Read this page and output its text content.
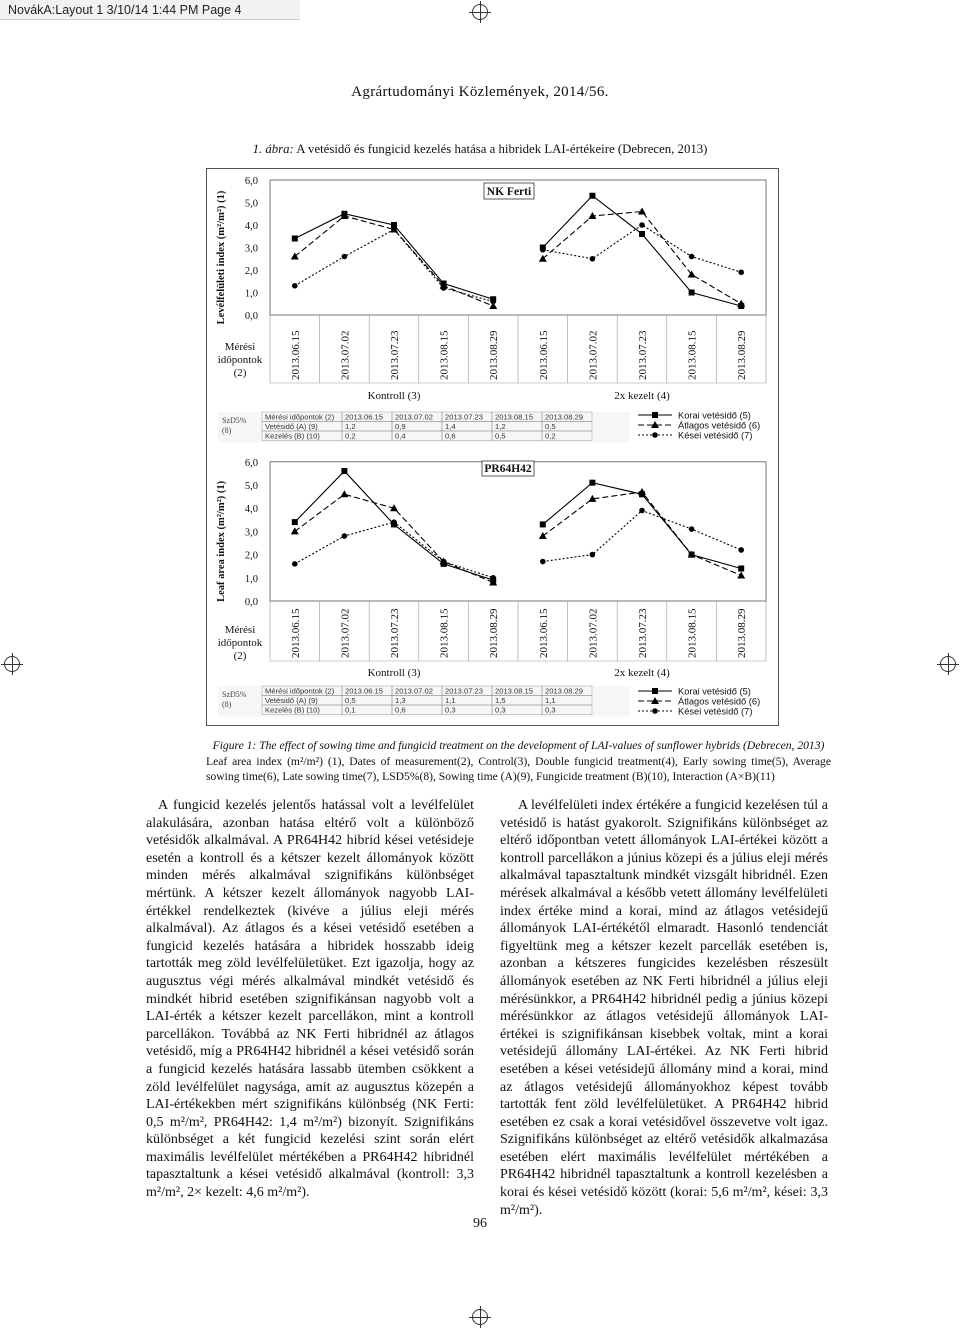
NovákA:Layout 1 3/10/14 1:44 PM Page 4
Agrártudományi Közlemények, 2014/56.
1. ábra: A vetésidő és fungicid kezelés hatása a hibridek LAI-értékeire (Debrecen, 2013)
Levélfelületi index (m²/m²) (1)
6,0
5,0
4,0
3,0
2,0
1,0
0,0
2013.06.15	2013.07.02	2013.07.23	2013.08.15	2013.08.29	2013.06.15	2013.07.02	2013.07.23	2013.08.15	2013.08.29
Mérési
időpontok
(2)
Kontroll (3)	2x kezelt (4)
NK Ferti
SzD5%
(8)
Mérési időpontok (2) 2013.06.15 2013.07.02 2013.07.23 2013.08.15 2013.08.29
Vetésidő (A) (9)	1,2	0,9	1,4	1,2	0,5
Kezelés (B) (10)	0,2	0,4	0,6	0,5	0,2
Korai vetésidő (5)
Átlagos vetésidő (6)
Kései vetésidő (7)
Leaf area index (m²/m²) (1)
6,0
5,0
4,0
3,0
2,0
1,0
0,0
2013.06.15	2013.07.02	2013.07.23	2013.08.15	2013.08.29	2013.06.15	2013.07.02	2013.07.23	2013.08.15	2013.08.29
Mérési
időpontok
(2)
Kontroll (3)	2x kezelt (4)
PR64H42
SzD5%
(8)
Mérési időpontok (2) 2013.06.15 2013.07.02 2013.07.23 2013.08.15 2013.08.29
Vetésidő (A) (9)	0,5	1,3	1,1	1,5	1,1
Kezelés (B) (10)	0,1	0,6	0,3	0,3	0,3
Korai vetésidő (5)
Átlagos vetésidő (6)
Kései vetésidő (7)
Figure 1: The effect of sowing time and fungicid treatment on the development of LAI-values of sunflower hybrids (Debrecen, 2013)
Leaf area index (m²/m²) (1), Dates of measurement(2), Control(3), Double fungicid treatment(4), Early sowing time(5), Average sowing time(6), Late sowing time(7), LSD5%(8), Sowing time (A)(9), Fungicide treatment (B)(10), Interaction (A×B)(11)
A fungicid kezelés jelentős hatással volt a levélfelület alakulására, azonban hatása eltérő volt a különböző vetésidők alkalmával. A PR64H42 hibrid kései vetésideje esetén a kontroll és a kétszer kezelt állományok között minden mérés alkalmával szignifikáns különbséget mértünk. A kétszer kezelt állományok nagyobb LAI-értékkel rendelkeztek (kivéve a július eleji mérés alkalmával). Az átlagos és a kései vetésidő esetében a fungicid kezelés hatására a hibridek hosszabb ideig tartották meg zöld levélfelületüket. Ezt igazolja, hogy az augusztus végi mérés alkalmával mindkét vetésidő és mindkét hibrid esetében szignifikánsan nagyobb volt a LAI-érték a kétszer kezelt parcellákon, mint a kontroll parcellákon. Továbbá az NK Ferti hibridnél az átlagos vetésidő, míg a PR64H42 hibridnél a kései vetésidő során a fungicid kezelés hatására lassabb ütemben csökkent a zöld levélfelület nagysága, amit az augusztus közepén a LAI-értékekben mért szignifikáns különbség (NK Ferti: 0,5 m²/m², PR64H42: 1,4 m²/m²) bizonyít. Szignifikáns különbséget a két fungicid kezelési szint során elért maximális levélfelület mértékében a PR64H42 hibridnél tapasztaltunk a kései vetésidő alkalmával (kontroll: 3,3 m²/m², 2× kezelt: 4,6 m²/m²).
A levélfelületi index értékére a fungicid kezelésen túl a vetésidő is hatást gyakorolt. Szignifikáns különbséget az eltérő időpontban vetett állományok LAI-értékei között a kontroll parcellákon a június közepi és a július eleji mérés alkalmával tapasztaltunk mindkét vizsgált hibridnél. Ezen mérések alkalmával a később vetett állomány levélfelületi index értéke mind a korai, mind az átlagos vetésidejű állományok LAI-értékétől elmaradt. Hasonló tendenciát figyeltünk meg a kétszer kezelt parcellák esetében is, azonban a kétszeres fungicides kezelésben részesült állományok esetében az NK Ferti hibridnél a július eleji mérésünkkor, a PR64H42 hibridnél pedig a június közepi mérésünkkor az átlagos vetésidejű állományok LAI-értékei is szignifikánsan kisebbek voltak, mint a korai vetésidejű állomány LAI-értékei. Az NK Ferti hibrid esetében a kései vetésidejű állomány mind a korai, mind az átlagos vetésidejű állományokhoz képest tovább tartották fent zöld levélfelületüket. A PR64H42 hibrid esetében ez csak a korai vetésidővel összevetve volt igaz. Szignifikáns különbséget az eltérő vetésidők alkalmazása esetében elért maximális levélfelület mértékében a PR64H42 hibridnél tapasztaltunk a kontroll kezelésben a korai és kései vetésidő között (korai: 5,6 m²/m², kései: 3,3 m²/m²).
96
